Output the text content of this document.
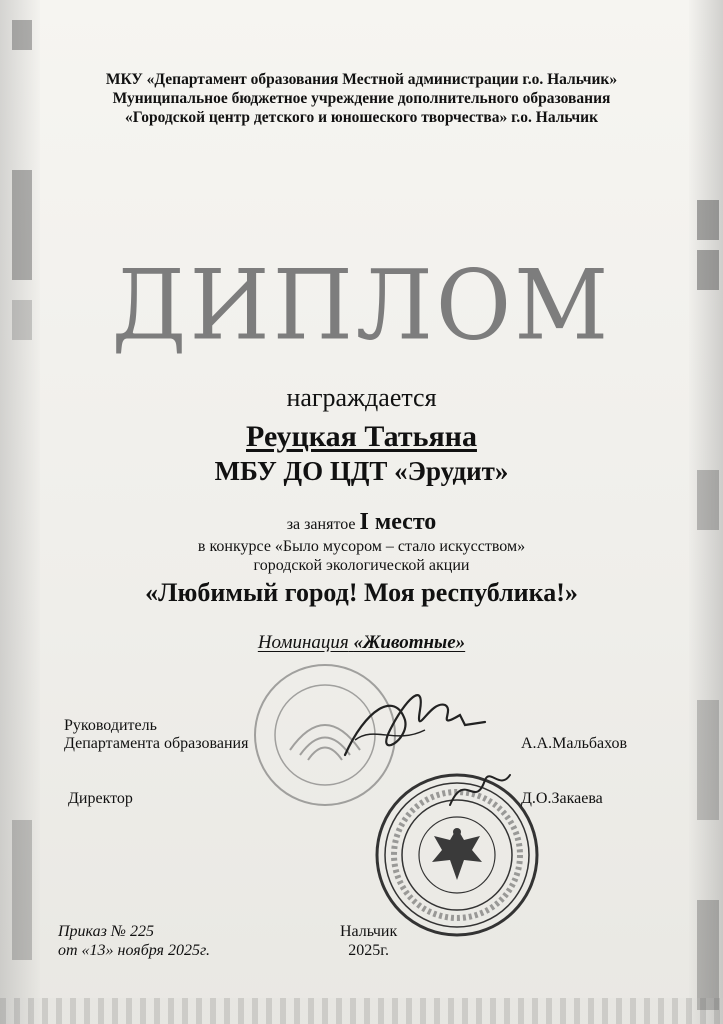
МКУ «Департамент образования Местной администрации г.о. Нальчик»
Муниципальное бюджетное учреждение дополнительного образования
«Городской центр детского и юношеского творчества» г.о. Нальчик
ДИПЛОМ
награждается
Реуцкая Татьяна
МБУ ДО ЦДТ «Эрудит»
за занятое I место
в конкурсе «Было мусором – стало искусством»
городской экологической акции
«Любимый город! Моя республика!»
Номинация «Животные»
Руководитель
Департамента образования	А.А.Мальбахов
Директор	Д.О.Закаева
Приказ № 225
от «13» ноября 2025г.
Нальчик
2025г.
